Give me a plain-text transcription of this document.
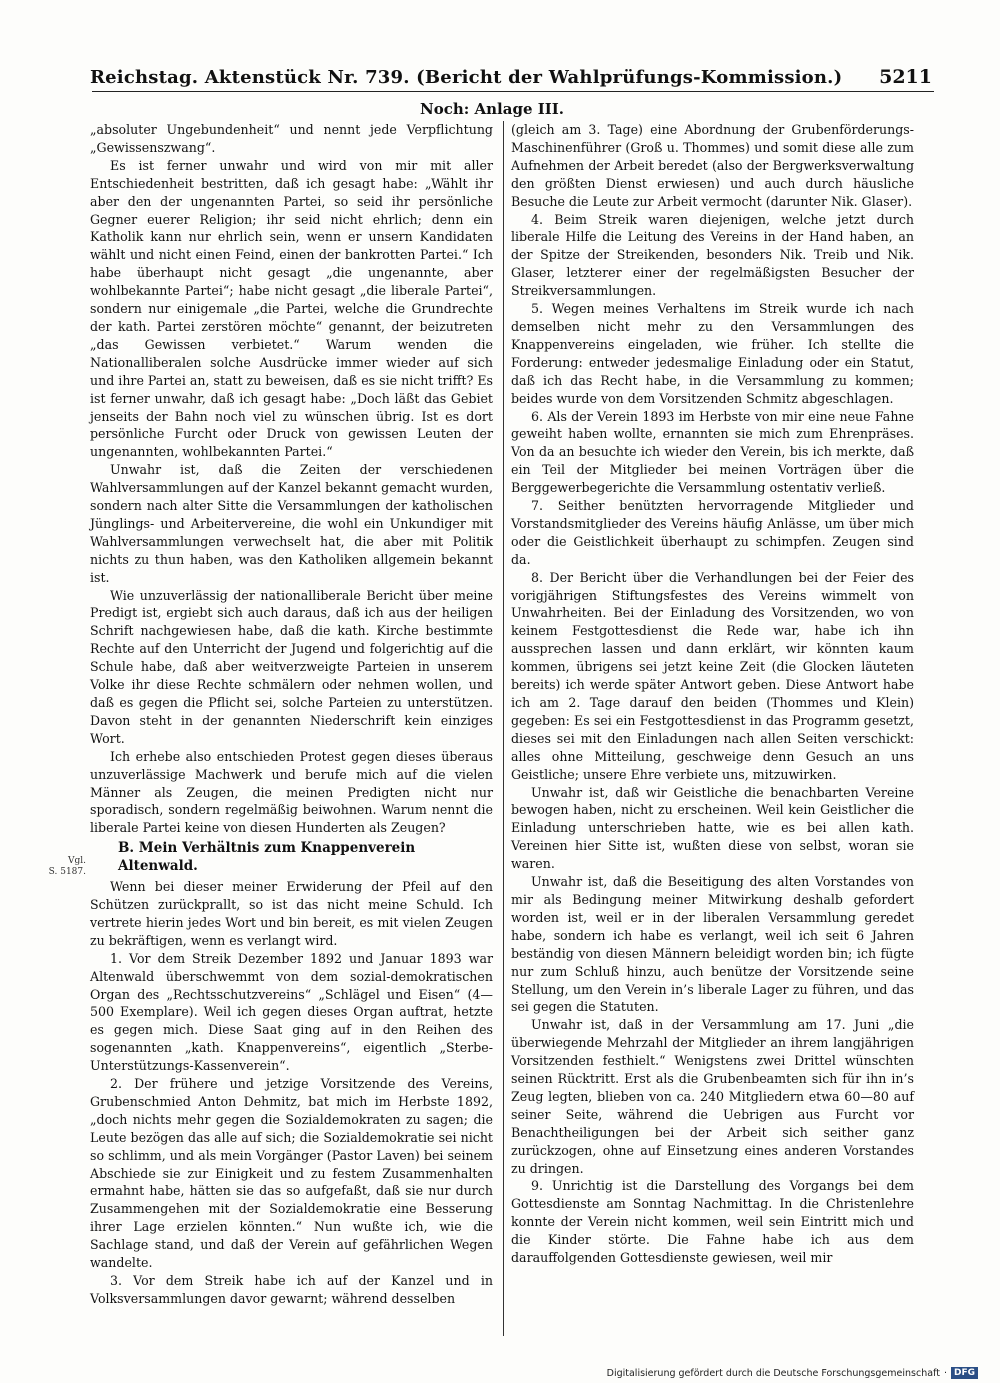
Reichstag. Aktenstück Nr. 739. (Bericht der Wahlprüfungs-Kommission.) 5211
Noch: Anlage III.

„absoluter Ungebundenheit“ und nennt jede Verpflichtung „Gewissenszwang“.

Es ist ferner unwahr und wird von mir mit aller Entschiedenheit bestritten, daß ich gesagt habe: „Wählt ihr aber den der ungenannten Partei, so seid ihr persönliche Gegner euerer Religion; ihr seid nicht ehrlich; denn ein Katholik kann nur ehrlich sein, wenn er unsern Kandidaten wählt und nicht einen Feind, einen der bankrotten Partei.“ Ich habe überhaupt nicht gesagt „die ungenannte, aber wohlbekannte Partei“; habe nicht gesagt „die liberale Partei“, sondern nur einigemale „die Partei, welche die Grundrechte der kath. Partei zerstören möchte“ genannt, der beizutreten „das Gewissen verbietet.“ Warum wenden die Nationalliberalen solche Ausdrücke immer wieder auf sich und ihre Partei an, statt zu beweisen, daß es sie nicht trifft? Es ist ferner unwahr, daß ich gesagt habe: „Doch läßt das Gebiet jenseits der Bahn noch viel zu wünschen übrig. Ist es dort persönliche Furcht oder Druck von gewissen Leuten der ungenannten, wohlbekannten Partei.“

Unwahr ist, daß die Zeiten der verschiedenen Wahlversammlungen auf der Kanzel bekannt gemacht wurden, sondern nach alter Sitte die Versammlungen der katholischen Jünglings- und Arbeitervereine, die wohl ein Unkundiger mit Wahlversammlungen verwechselt hat, die aber mit Politik nichts zu thun haben, was den Katholiken allgemein bekannt ist.

Wie unzuverlässig der nationalliberale Bericht über meine Predigt ist, ergiebt sich auch daraus, daß ich aus der heiligen Schrift nachgewiesen habe, daß die kath. Kirche bestimmte Rechte auf den Unterricht der Jugend und folgerichtig auf die Schule habe, daß aber weitverzweigte Parteien in unserem Volke ihr diese Rechte schmälern oder nehmen wollen, und daß es gegen die Pflicht sei, solche Parteien zu unterstützen. Davon steht in der genannten Niederschrift kein einziges Wort.

Ich erhebe also entschieden Protest gegen dieses überaus unzuverlässige Machwerk und berufe mich auf die vielen Männer als Zeugen, die meinen Predigten nicht nur sporadisch, sondern regelmäßig beiwohnen. Warum nennt die liberale Partei keine von diesen Hunderten als Zeugen?

B. Mein Verhältnis zum Knappenverein Altenwald.

Wenn bei dieser meiner Erwiderung der Pfeil auf den Schützen zurückprallt, so ist das nicht meine Schuld. Ich vertrete hierin jedes Wort und bin bereit, es mit vielen Zeugen zu bekräftigen, wenn es verlangt wird.

1. Vor dem Streik Dezember 1892 und Januar 1893 war Altenwald überschwemmt von dem sozial-demokratischen Organ des „Rechtsschutzvereins“ „Schlägel und Eisen“ (4—500 Exemplare). Weil ich gegen dieses Organ auftrat, hetzte es gegen mich. Diese Saat ging auf in den Reihen des sogenannten „kath. Knappenvereins“, eigentlich „Sterbe-Unterstützungs-Kassenverein“.

2. Der frühere und jetzige Vorsitzende des Vereins, Grubenschmied Anton Dehmitz, bat mich im Herbste 1892, „doch nichts mehr gegen die Sozialdemokraten zu sagen; die Leute bezögen das alle auf sich; die Sozialdemokratie sei nicht so schlimm, und als mein Vorgänger (Pastor Laven) bei seinem Abschiede sie zur Einigkeit und zu festem Zusammenhalten ermahnt habe, hätten sie das so aufgefaßt, daß sie nur durch Zusammengehen mit der Sozialdemokratie eine Besserung ihrer Lage erzielen könnten.“ Nun wußte ich, wie die Sachlage stand, und daß der Verein auf gefährlichen Wegen wandelte.

3. Vor dem Streik habe ich auf der Kanzel und in Volksversammlungen davor gewarnt; während desselben

Vgl.
S. 5187.

(gleich am 3. Tage) eine Abordnung der Grubenförderungs-Maschinenführer (Groß u. Thommes) und somit diese alle zum Aufnehmen der Arbeit beredet (also der Bergwerksverwaltung den größten Dienst erwiesen) und auch durch häusliche Besuche die Leute zur Arbeit vermocht (darunter Nik. Glaser).

4. Beim Streik waren diejenigen, welche jetzt durch liberale Hilfe die Leitung des Vereins in der Hand haben, an der Spitze der Streikenden, besonders Nik. Treib und Nik. Glaser, letzterer einer der regelmäßigsten Besucher der Streikversammlungen.

5. Wegen meines Verhaltens im Streik wurde ich nach demselben nicht mehr zu den Versammlungen des Knappenvereins eingeladen, wie früher. Ich stellte die Forderung: entweder jedesmalige Einladung oder ein Statut, daß ich das Recht habe, in die Versammlung zu kommen; beides wurde von dem Vorsitzenden Schmitz abgeschlagen.

6. Als der Verein 1893 im Herbste von mir eine neue Fahne geweiht haben wollte, ernannten sie mich zum Ehrenpräses. Von da an besuchte ich wieder den Verein, bis ich merkte, daß ein Teil der Mitglieder bei meinen Vorträgen über die Berggewerbegerichte die Versammlung ostentativ verließ.

7. Seither benützten hervorragende Mitglieder und Vorstandsmitglieder des Vereins häufig Anlässe, um über mich oder die Geistlichkeit überhaupt zu schimpfen. Zeugen sind da.

8. Der Bericht über die Verhandlungen bei der Feier des vorigjährigen Stiftungsfestes des Vereins wimmelt von Unwahrheiten. Bei der Einladung des Vorsitzenden, wo von keinem Festgottesdienst die Rede war, habe ich ihn aussprechen lassen und dann erklärt, wir könnten kaum kommen, übrigens sei jetzt keine Zeit (die Glocken läuteten bereits) ich werde später Antwort geben. Diese Antwort habe ich am 2. Tage darauf den beiden (Thommes und Klein) gegeben: Es sei ein Festgottesdienst in das Programm gesetzt, dieses sei mit den Einladungen nach allen Seiten verschickt: alles ohne Mitteilung, geschweige denn Gesuch an uns Geistliche; unsere Ehre verbiete uns, mitzuwirken.

Unwahr ist, daß wir Geistliche die benachbarten Vereine bewogen haben, nicht zu erscheinen. Weil kein Geistlicher die Einladung unterschrieben hatte, wie es bei allen kath. Vereinen hier Sitte ist, wußten diese von selbst, woran sie waren.

Unwahr ist, daß die Beseitigung des alten Vorstandes von mir als Bedingung meiner Mitwirkung deshalb gefordert worden ist, weil er in der liberalen Versammlung geredet habe, sondern ich habe es verlangt, weil ich seit 6 Jahren beständig von diesen Männern beleidigt worden bin; ich fügte nur zum Schluß hinzu, auch benütze der Vorsitzende seine Stellung, um den Verein in’s liberale Lager zu führen, und das sei gegen die Statuten.

Unwahr ist, daß in der Versammlung am 17. Juni „die überwiegende Mehrzahl der Mitglieder an ihrem langjährigen Vorsitzenden festhielt.“ Wenigstens zwei Drittel wünschten seinen Rücktritt. Erst als die Grubenbeamten sich für ihn in’s Zeug legten, blieben von ca. 240 Mitgliedern etwa 60—80 auf seiner Seite, während die Uebrigen aus Furcht vor Benachtheiligungen bei der Arbeit sich seither ganz zurückzogen, ohne auf Einsetzung eines anderen Vorstandes zu dringen.

9. Unrichtig ist die Darstellung des Vorgangs bei dem Gottesdienste am Sonntag Nachmittag. In die Christenlehre konnte der Verein nicht kommen, weil sein Eintritt mich und die Kinder störte. Die Fahne habe ich aus dem darauffolgenden Gottesdienste gewiesen, weil mir

Digitalisierung gefördert durch die Deutsche Forschungsgemeinschaft · DFG
